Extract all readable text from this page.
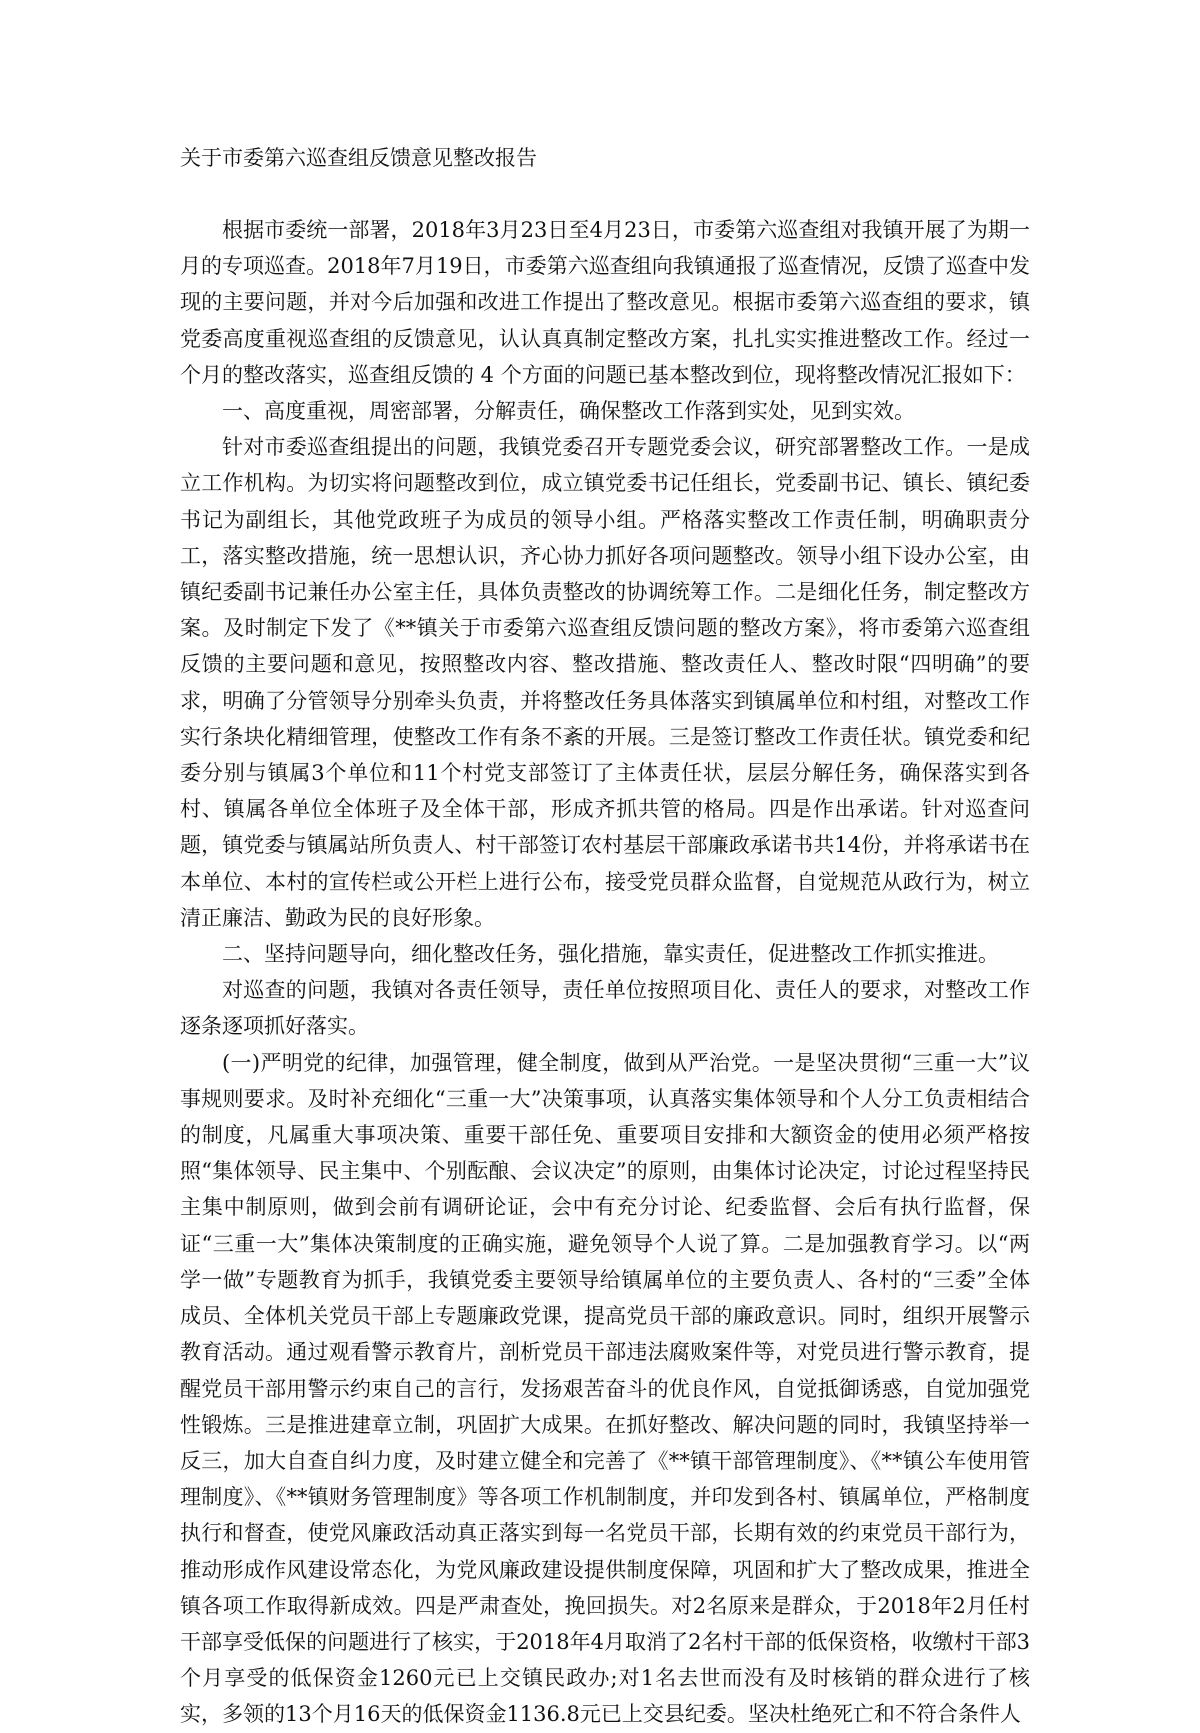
关于市委第六巡查组反馈意见整改报告

根据市委统一部署，2018年3月23日至4月23日，市委第六巡查组对我镇开展了为期一月的专项巡查。2018年7月19日，市委第六巡查组向我镇通报了巡查情况，反馈了巡查中发现的主要问题，并对今后加强和改进工作提出了整改意见。根据市委第六巡查组的要求，镇党委高度重视巡查组的反馈意见，认认真真制定整改方案，扎扎实实推进整改工作。经过一个月的整改落实，巡查组反馈的 4 个方面的问题已基本整改到位，现将整改情况汇报如下：

一、高度重视，周密部署，分解责任，确保整改工作落到实处，见到实效。

针对市委巡查组提出的问题，我镇党委召开专题党委会议，研究部署整改工作。一是成立工作机构。为切实将问题整改到位，成立镇党委书记任组长，党委副书记、镇长、镇纪委书记为副组长，其他党政班子为成员的领导小组。严格落实整改工作责任制，明确职责分工，落实整改措施，统一思想认识，齐心协力抓好各项问题整改。领导小组下设办公室，由镇纪委副书记兼任办公室主任，具体负责整改的协调统筹工作。二是细化任务，制定整改方案。及时制定下发了《**镇关于市委第六巡查组反馈问题的整改方案》，将市委第六巡查组反馈的主要问题和意见，按照整改内容、整改措施、整改责任人、整改时限“四明确”的要求，明确了分管领导分别牵头负责，并将整改任务具体落实到镇属单位和村组，对整改工作实行条块化精细管理，使整改工作有条不紊的开展。三是签订整改工作责任状。镇党委和纪委分别与镇属3个单位和11个村党支部签订了主体责任状，层层分解任务，确保落实到各村、镇属各单位全体班子及全体干部，形成齐抓共管的格局。四是作出承诺。针对巡查问题，镇党委与镇属站所负责人、村干部签订农村基层干部廉政承诺书共14份，并将承诺书在本单位、本村的宣传栏或公开栏上进行公布，接受党员群众监督，自觉规范从政行为，树立清正廉洁、勤政为民的良好形象。

二、坚持问题导向，细化整改任务，强化措施，靠实责任，促进整改工作抓实推进。

对巡查的问题，我镇对各责任领导，责任单位按照项目化、责任人的要求，对整改工作逐条逐项抓好落实。

(一)严明党的纪律，加强管理，健全制度，做到从严治党。一是坚决贯彻“三重一大”议事规则要求。及时补充细化“三重一大”决策事项，认真落实集体领导和个人分工负责相结合的制度，凡属重大事项决策、重要干部任免、重要项目安排和大额资金的使用必须严格按照“集体领导、民主集中、个别酝酿、会议决定”的原则，由集体讨论决定，讨论过程坚持民主集中制原则，做到会前有调研论证，会中有充分讨论、纪委监督、会后有执行监督，保证“三重一大”集体决策制度的正确实施，避免领导个人说了算。二是加强教育学习。以“两学一做”专题教育为抓手，我镇党委主要领导给镇属单位的主要负责人、各村的“三委”全体成员、全体机关党员干部上专题廉政党课，提高党员干部的廉政意识。同时，组织开展警示教育活动。通过观看警示教育片，剖析党员干部违法腐败案件等，对党员进行警示教育，提醒党员干部用警示约束自己的言行，发扬艰苦奋斗的优良作风，自觉抵御诱惑，自觉加强党性锻炼。三是推进建章立制，巩固扩大成果。在抓好整改、解决问题的同时，我镇坚持举一反三，加大自查自纠力度，及时建立健全和完善了《**镇干部管理制度》、《**镇公车使用管理制度》、《**镇财务管理制度》等各项工作机制制度，并印发到各村、镇属单位，严格制度执行和督查，使党风廉政活动真正落实到每一名党员干部，长期有效的约束党员干部行为，推动形成作风建设常态化，为党风廉政建设提供制度保障，巩固和扩大了整改成果，推进全镇各项工作取得新成效。四是严肃查处，挽回损失。对2名原来是群众，于2018年2月任村干部享受低保的问题进行了核实，于2018年4月取消了2名村干部的低保资格，收缴村干部3个月享受的低保资金1260元已上交镇民政办;对1名去世而没有及时核销的群众进行了核实，多领的13个月16天的低保资金1136.8元已上交县纪委。坚决杜绝死亡和不符合条件人
